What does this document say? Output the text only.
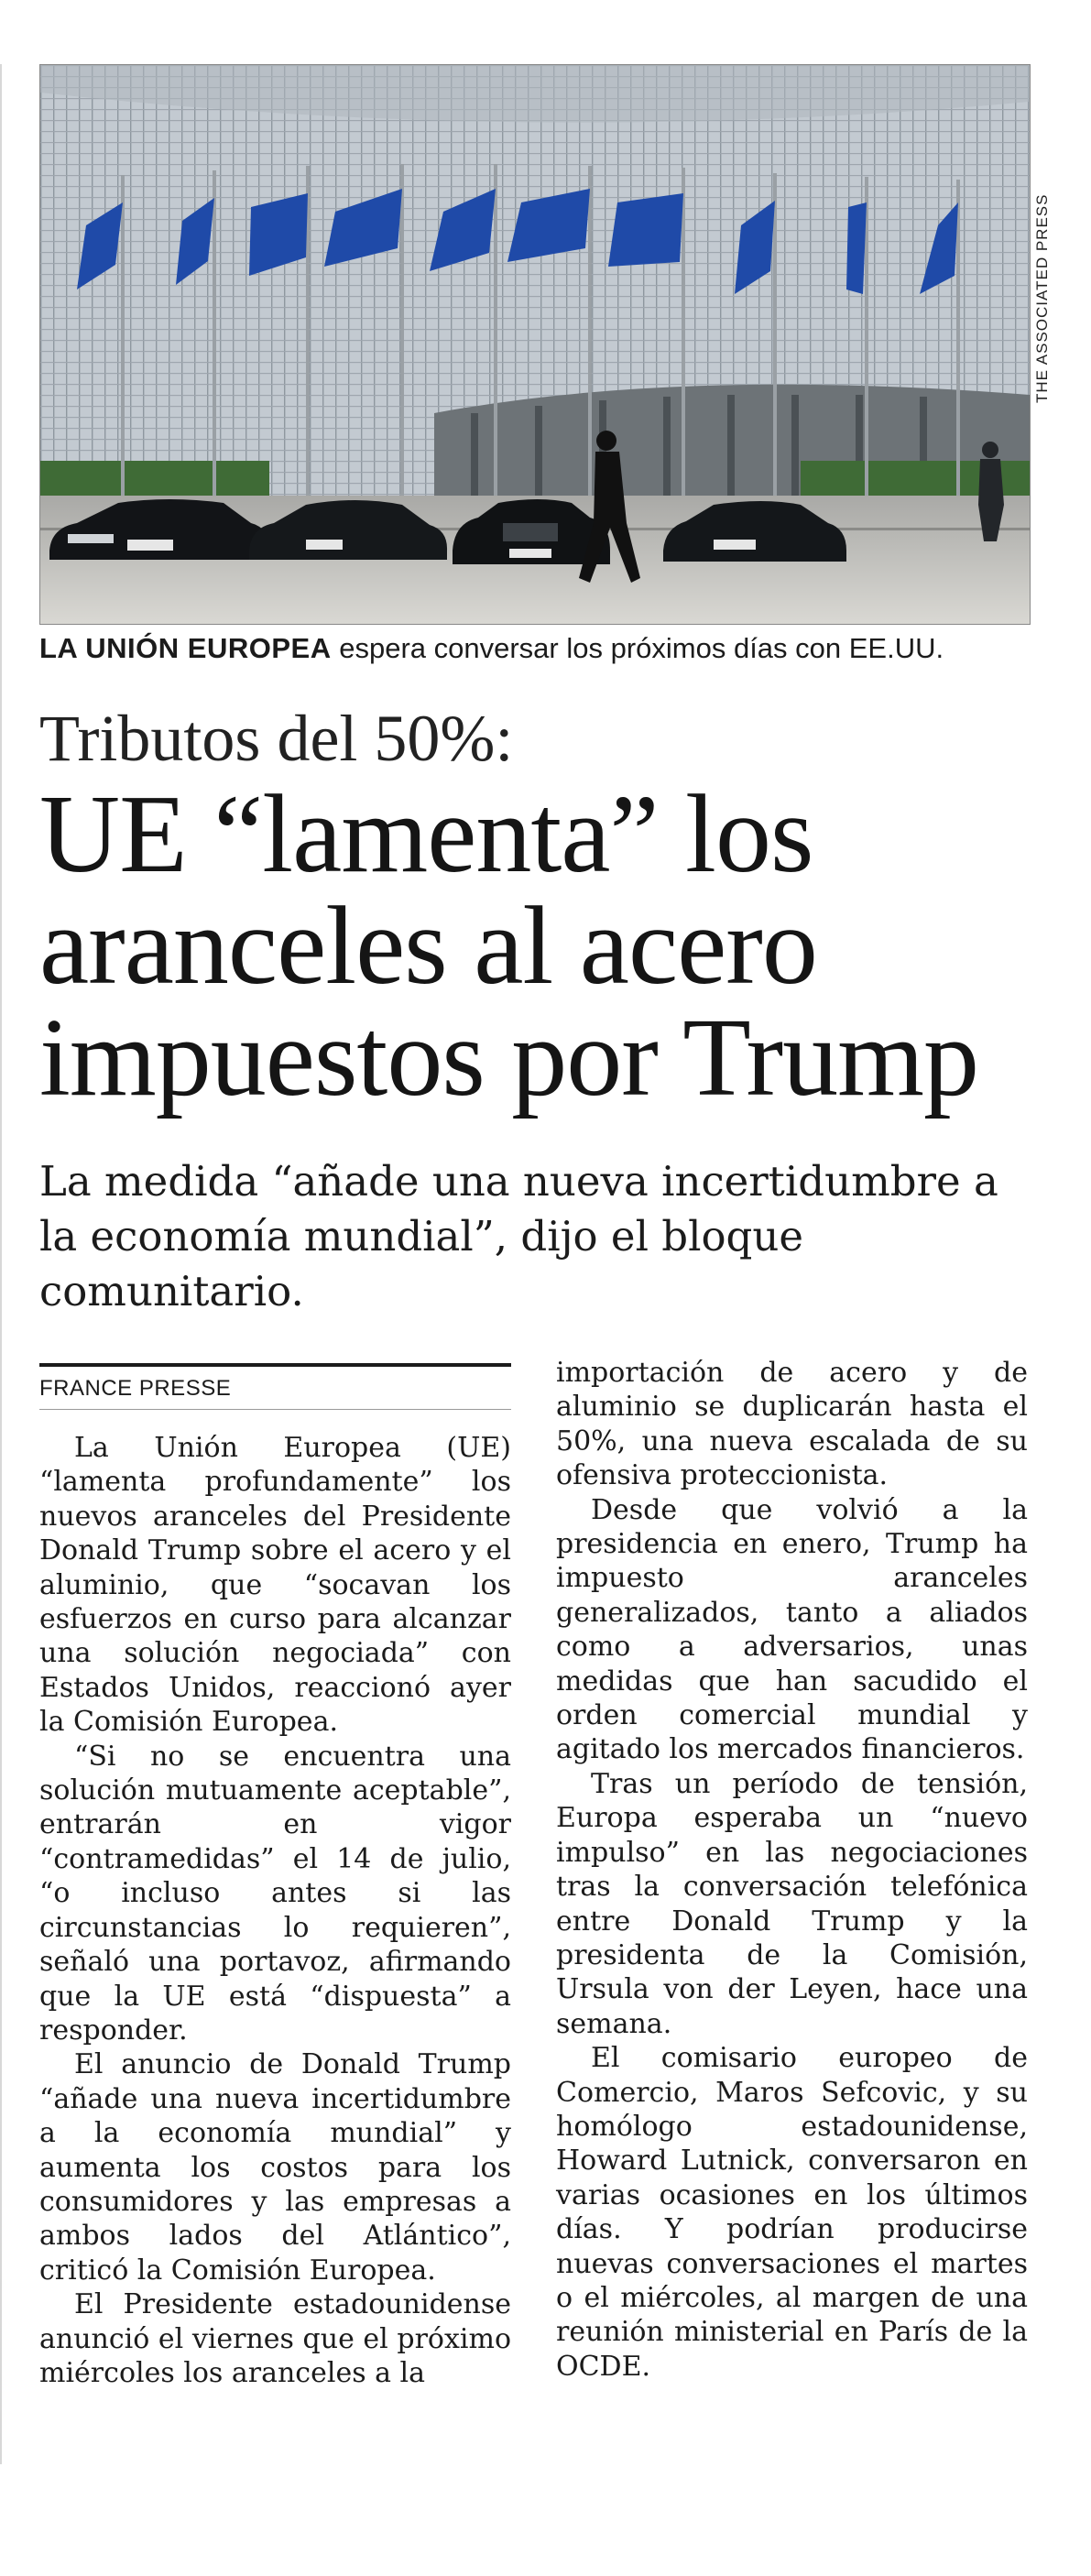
THE ASSOCIATED PRESS
LA UNIÓN EUROPEA espera conversar los próximos días con EE.UU.
Tributos del 50%:
UE “lamenta” los
aranceles al acero
impuestos por Trump

La medida “añade una nueva incertidumbre a la economía mundial”, dijo el bloque comunitario.

FRANCE PRESSE

La Unión Europea (UE) “lamenta profundamente” los nuevos aranceles del Presidente Donald Trump sobre el acero y el aluminio, que “socavan los esfuerzos en curso para alcanzar una solución negociada” con Estados Unidos, reaccionó ayer la Comisión Europea.

“Si no se encuentra una solución mutuamente aceptable”, entrarán en vigor “contramedidas” el 14 de julio, “o incluso antes si las circunstancias lo requieren”, señaló una portavoz, afirmando que la UE está “dispuesta” a responder.

El anuncio de Donald Trump “añade una nueva incertidumbre a la economía mundial” y aumenta los costos para los consumidores y las empresas a ambos lados del Atlántico”, criticó la Comisión Europea.

El Presidente estadounidense anunció el viernes que el próximo miércoles los aranceles a la

importación de acero y de aluminio se duplicarán hasta el 50%, una nueva escalada de su ofensiva proteccionista.

Desde que volvió a la presidencia en enero, Trump ha impuesto aranceles generalizados, tanto a aliados como a adversarios, unas medidas que han sacudido el orden comercial mundial y agitado los mercados financieros.

Tras un período de tensión, Europa esperaba un “nuevo impulso” en las negociaciones tras la conversación telefónica entre Donald Trump y la presidenta de la Comisión, Ursula von der Leyen, hace una semana.

El comisario europeo de Comercio, Maros Sefcovic, y su homólogo estadounidense, Howard Lutnick, conversaron en varias ocasiones en los últimos días. Y podrían producirse nuevas conversaciones el martes o el miércoles, al margen de una reunión ministerial en París de la OCDE.
